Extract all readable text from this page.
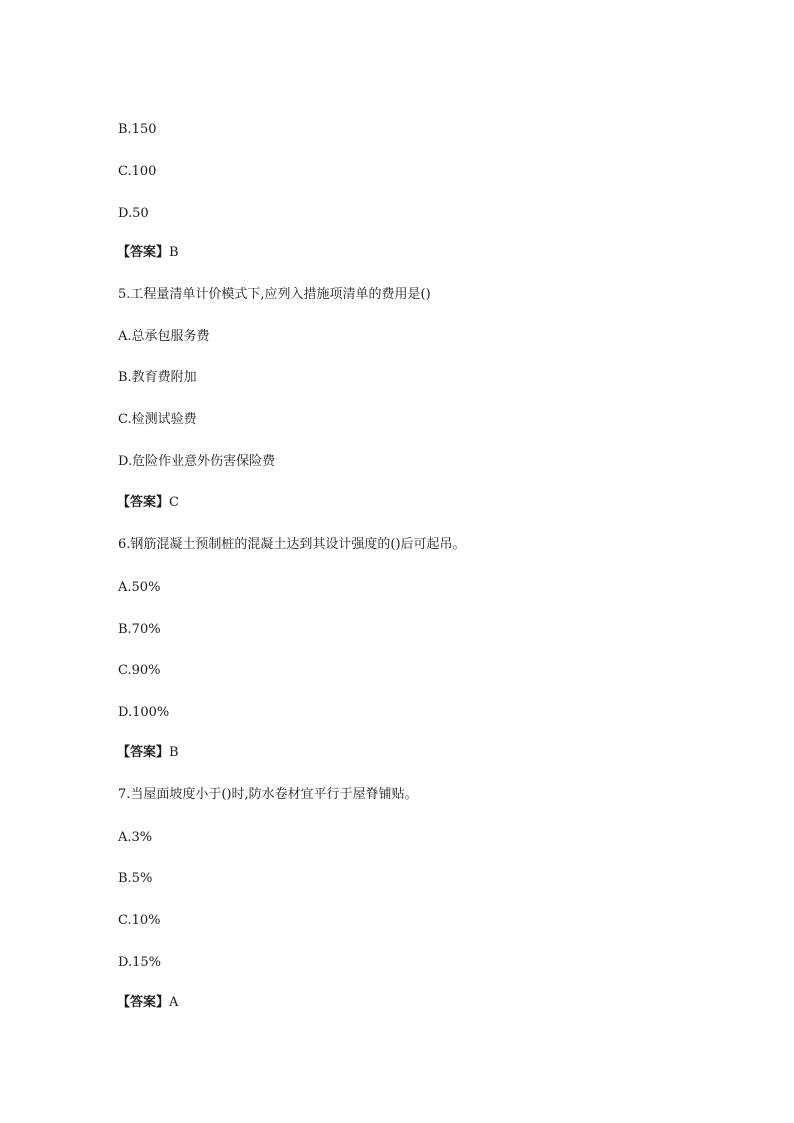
B.150
C.100
D.50
【答案】B
5.工程量清单计价模式下,应列入措施项清单的费用是()
A.总承包服务费
B.教育费附加
C.检测试验费
D.危险作业意外伤害保险费
【答案】C
6.钢筋混凝土预制桩的混凝土达到其设计强度的()后可起吊。
A.50%
B.70%
C.90%
D.100%
【答案】B
7.当屋面坡度小于()时,防水卷材宜平行于屋脊铺贴。
A.3%
B.5%
C.10%
D.15%
【答案】A
